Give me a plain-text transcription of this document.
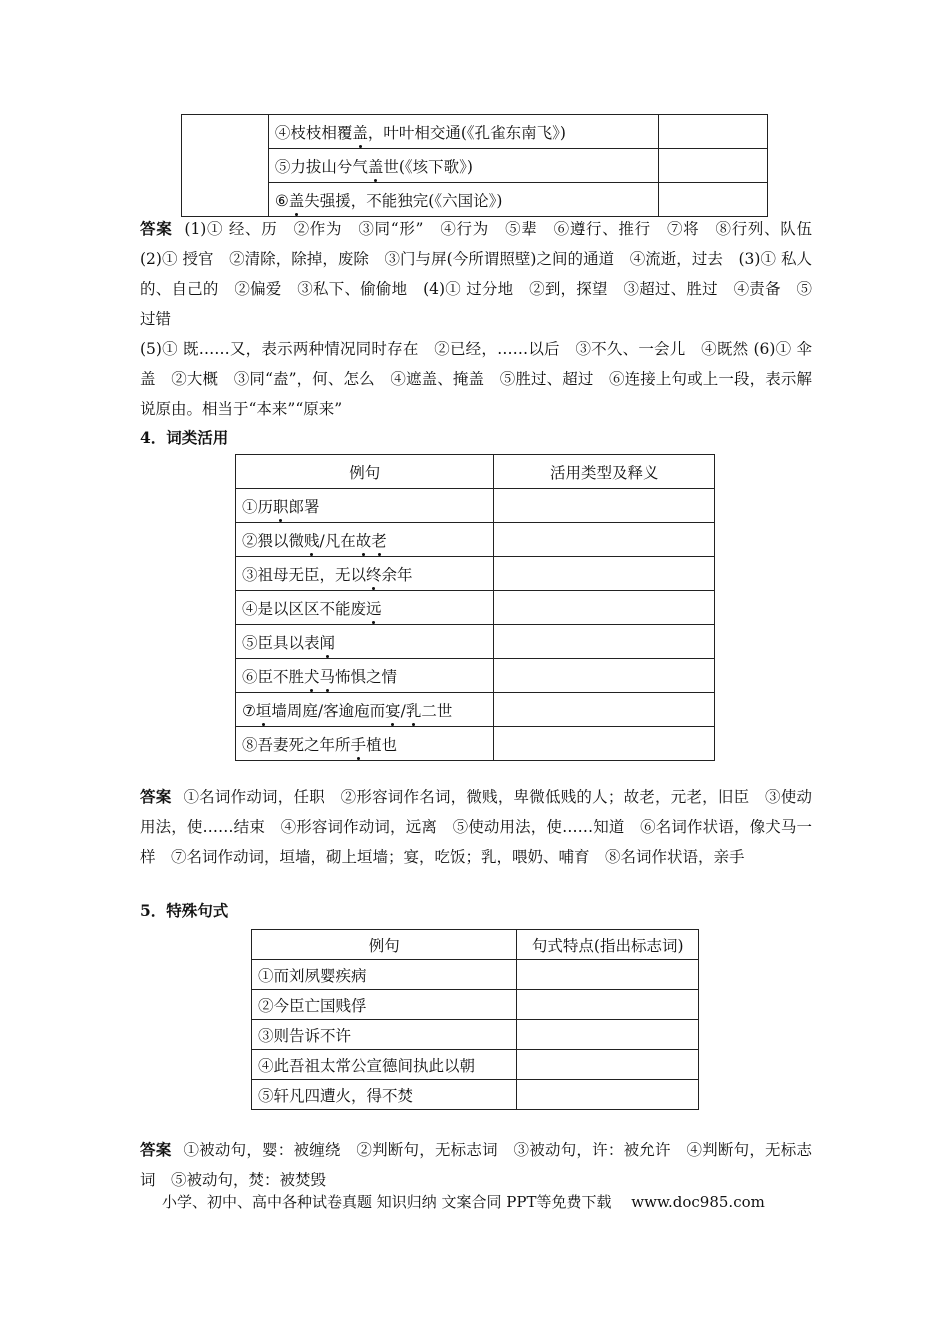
	④枝枝相覆盖，叶叶相交通(《孔雀东南飞》)	
	⑤力拔山兮气盖世(《垓下歌》)	
	⑥盖失强援，不能独完(《六国论》)	
答案 (1)① 经、历　②作为　③同“形”　④行为　⑤辈　⑥遵行、推行　⑦将　⑧行列、队伍　(2)① 授官　②清除，除掉，废除　③门与屏(今所谓照壁)之间的通道　④流逝，过去　(3)① 私人的、自己的　②偏爱　③私下、偷偷地　(4)① 过分地　②到，探望　③超过、胜过　④责备　⑤过错
(5)① 既……又，表示两种情况同时存在　②已经，……以后　③不久、一会儿　④既然 (6)① 伞盖　②大概　③同“盍”，何、怎么　④遮盖、掩盖　⑤胜过、超过　⑥连接上句或上一段，表示解说原由。相当于“本来”“原来”
4．词类活用
例句	活用类型及释义
①历职郎署	
②猥以微贱/凡在故老	
③祖母无臣，无以终余年	
④是以区区不能废远	
⑤臣具以表闻	
⑥臣不胜犬马怖惧之情	
⑦垣墙周庭/客逾庖而宴/乳二世	
⑧吾妻死之年所手植也	
答案 ①名词作动词，任职　②形容词作名词，微贱，卑微低贱的人；故老，元老，旧臣　③使动用法，使……结束　④形容词作动词，远离　⑤使动用法，使……知道　⑥名词作状语，像犬马一样　⑦名词作动词，垣墙，砌上垣墙；宴，吃饭；乳，喂奶、哺育　⑧名词作状语，亲手
5．特殊句式
例句	句式特点(指出标志词)
①而刘夙婴疾病	
②今臣亡国贱俘	
③则告诉不许	
④此吾祖太常公宣德间执此以朝	
⑤轩凡四遭火，得不焚	
答案 ①被动句，婴：被缠绕　②判断句，无标志词　③被动句，许：被允许　④判断句，无标志词　⑤被动句，焚：被焚毁
小学、初中、高中各种试卷真题 知识归纳 文案合同 PPT等免费下载　 www.doc985.com
